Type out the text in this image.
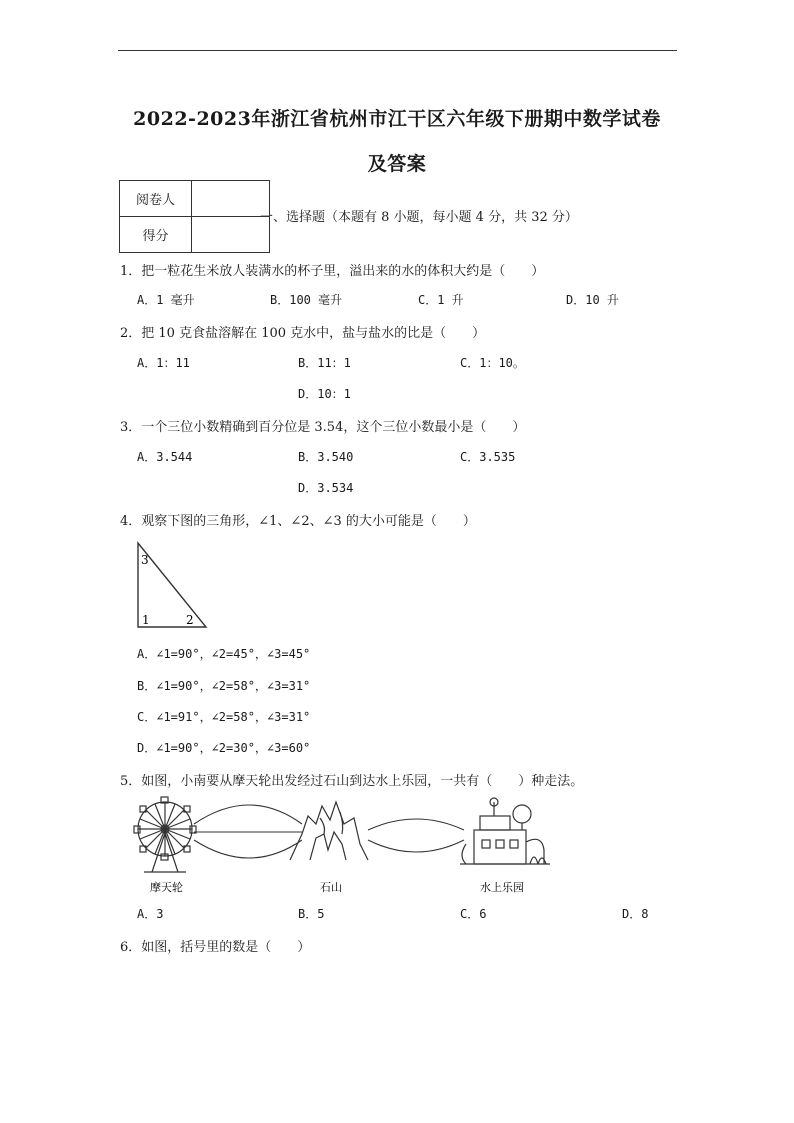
2022-2023年浙江省杭州市江干区六年级下册期中数学试卷
及答案
阅卷人	
得分	
一、选择题（本题有 8 小题，每小题 4 分，共 32 分）
1．把一粒花生米放人装满水的杯子里，溢出来的水的体积大约是（　　）
A．1 毫升	B．100 毫升	C．1 升	D．10 升
2．把 10 克食盐溶解在 100 克水中，盐与盐水的比是（　　）
A．1：11	B．11：1	C．1：10。
D．10：1
3．一个三位小数精确到百分位是 3.54，这个三位小数最小是（　　）
A．3.544	B．3.540	C．3.535
D．3.534
4．观察下图的三角形，∠1、∠2、∠3 的大小可能是（　　）
3
1	2
A．∠1=90°，∠2=45°，∠3=45°
B．∠1=90°，∠2=58°，∠3=31°
C．∠1=91°，∠2=58°，∠3=31°
D．∠1=90°，∠2=30°，∠3=60°
5．如图，小南要从摩天轮出发经过石山到达水上乐园，一共有（　　）种走法。
摩天轮	石山	水上乐园
A．3	B．5	C．6	D．8
6．如图，括号里的数是（　　）
